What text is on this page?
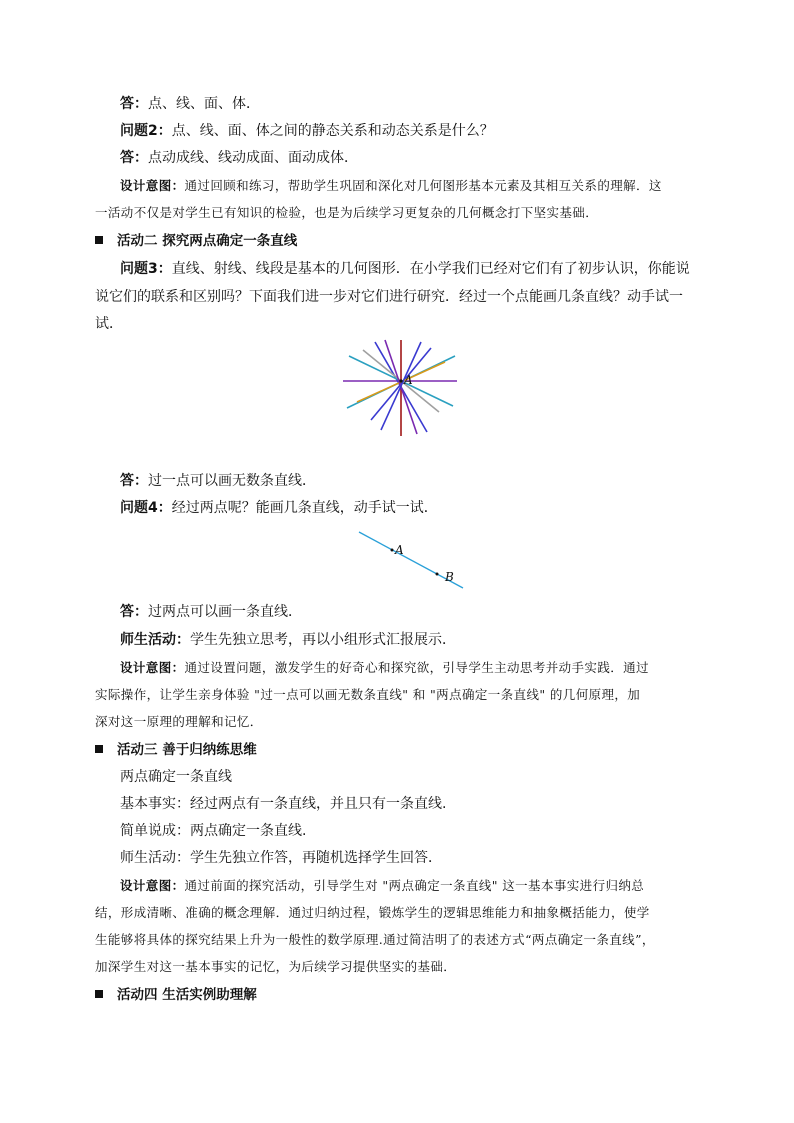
答：点、线、面、体．
问题2：点、线、面、体之间的静态关系和动态关系是什么？
答：点动成线、线动成面、面动成体．
设计意图：通过回顾和练习，帮助学生巩固和深化对几何图形基本元素及其相互关系的理解．这
一活动不仅是对学生已有知识的检验，也是为后续学习更复杂的几何概念打下坚实基础．
活动二 探究两点确定一条直线
问题3：直线、射线、线段是基本的几何图形．在小学我们已经对它们有了初步认识，你能说
说它们的联系和区别吗？下面我们进一步对它们进行研究．经过一个点能画几条直线？动手试一
试．
A
答：过一点可以画无数条直线．
问题4：经过两点呢？能画几条直线，动手试一试．
A
B
答：过两点可以画一条直线．
师生活动：学生先独立思考，再以小组形式汇报展示．
设计意图：通过设置问题，激发学生的好奇心和探究欲，引导学生主动思考并动手实践．通过
实际操作，让学生亲身体验 "过一点可以画无数条直线" 和 "两点确定一条直线" 的几何原理，加
深对这一原理的理解和记忆．
活动三 善于归纳练思维
两点确定一条直线
基本事实：经过两点有一条直线，并且只有一条直线.
简单说成：两点确定一条直线.
师生活动：学生先独立作答，再随机选择学生回答．
设计意图：通过前面的探究活动，引导学生对 "两点确定一条直线" 这一基本事实进行归纳总
结，形成清晰、准确的概念理解．通过归纳过程，锻炼学生的逻辑思维能力和抽象概括能力，使学
生能够将具体的探究结果上升为一般性的数学原理.通过简洁明了的表述方式“两点确定一条直线”，
加深学生对这一基本事实的记忆，为后续学习提供坚实的基础．
活动四 生活实例助理解
